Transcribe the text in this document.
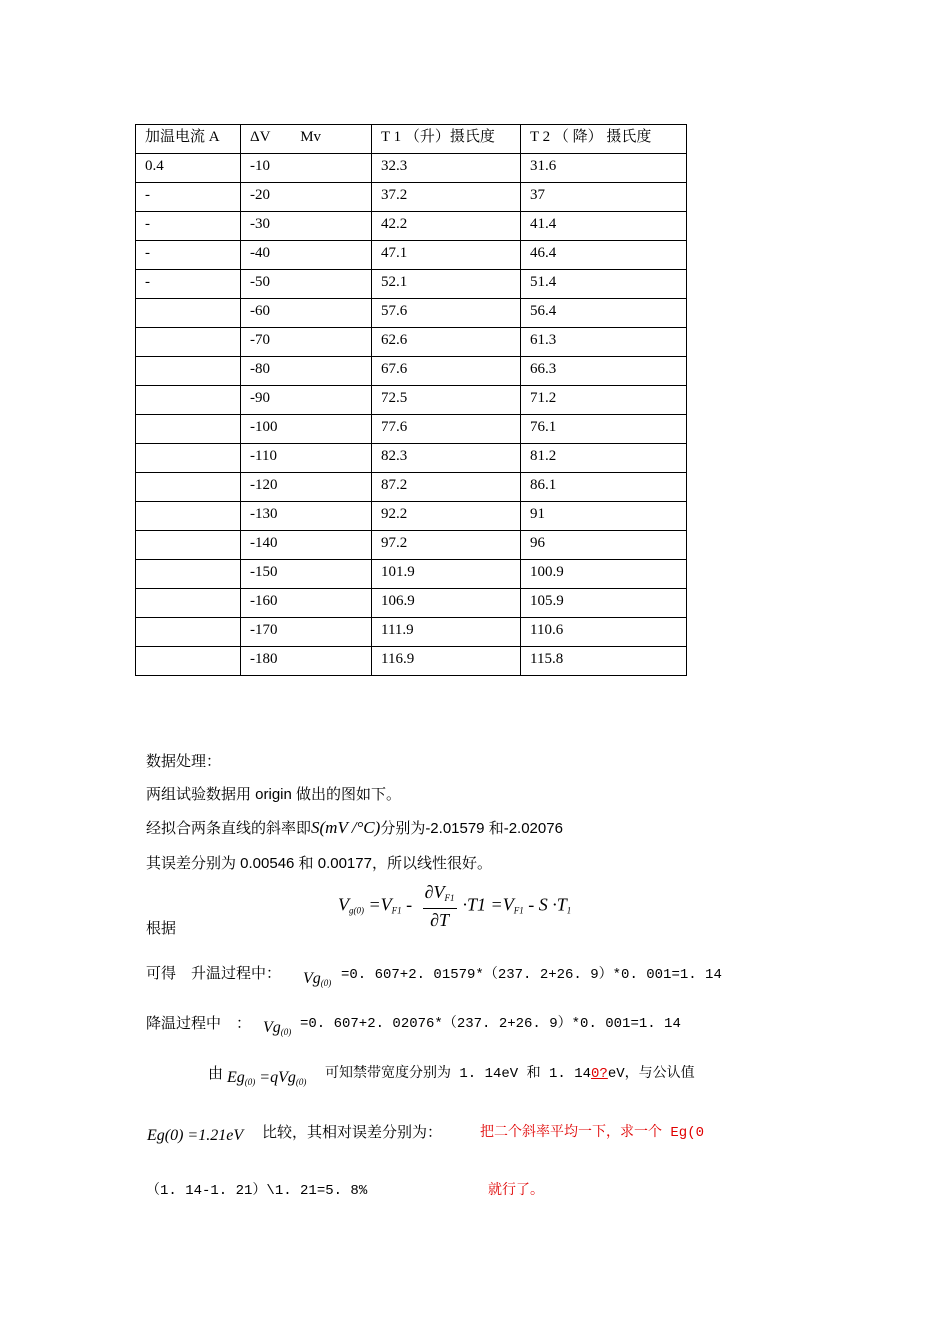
加温电流 A	ΔV　　Mv	T 1 （升）摄氏度	T 2 （ 降） 摄氏度
0.4	-10	32.3	31.6
-	-20	37.2	37
-	-30	42.2	41.4
-	-40	47.1	46.4
-	-50	52.1	51.4
	-60	57.6	56.4
	-70	62.6	61.3
	-80	67.6	66.3
	-90	72.5	71.2
	-100	77.6	76.1
	-110	82.3	81.2
	-120	87.2	86.1
	-130	92.2	91
	-140	97.2	96
	-150	101.9	100.9
	-160	106.9	105.9
	-170	111.9	110.6
	-180	116.9	115.8
数据处理：
两组试验数据用 origin 做出的图如下。
经拟合两条直线的斜率即S(mV /°C)分别为-2.01579 和-2.02076
其误差分别为 0.00546 和 0.00177，所以线性很好。
$V_{g(0)} =V_{F1} - \frac{\partial V_{F1}}{\partial T} \cdot T1 =V_{F1} - S \cdot T_1$
根据
可得　升温过程中： $Vg_{(0)} =0$. 607+2. 01579*（237. 2+26. 9）*0. 001=1. 14
降温过程中　： $Vg_{(0)} =0$. 607+2. 02076*（237. 2+26. 9）*0. 001=1. 14
由 $Eg_{(0)} =qVg_{(0)}$ 可知禁带宽度分别为 1. 14eV 和 1. 140?eV，与公认值
Eg(0) =1.21eV 比较，其相对误差分别为：	把二个斜率平均一下，求一个 Eg(0
（1. 14-1. 21）\1. 21=5. 8%	就行了。
